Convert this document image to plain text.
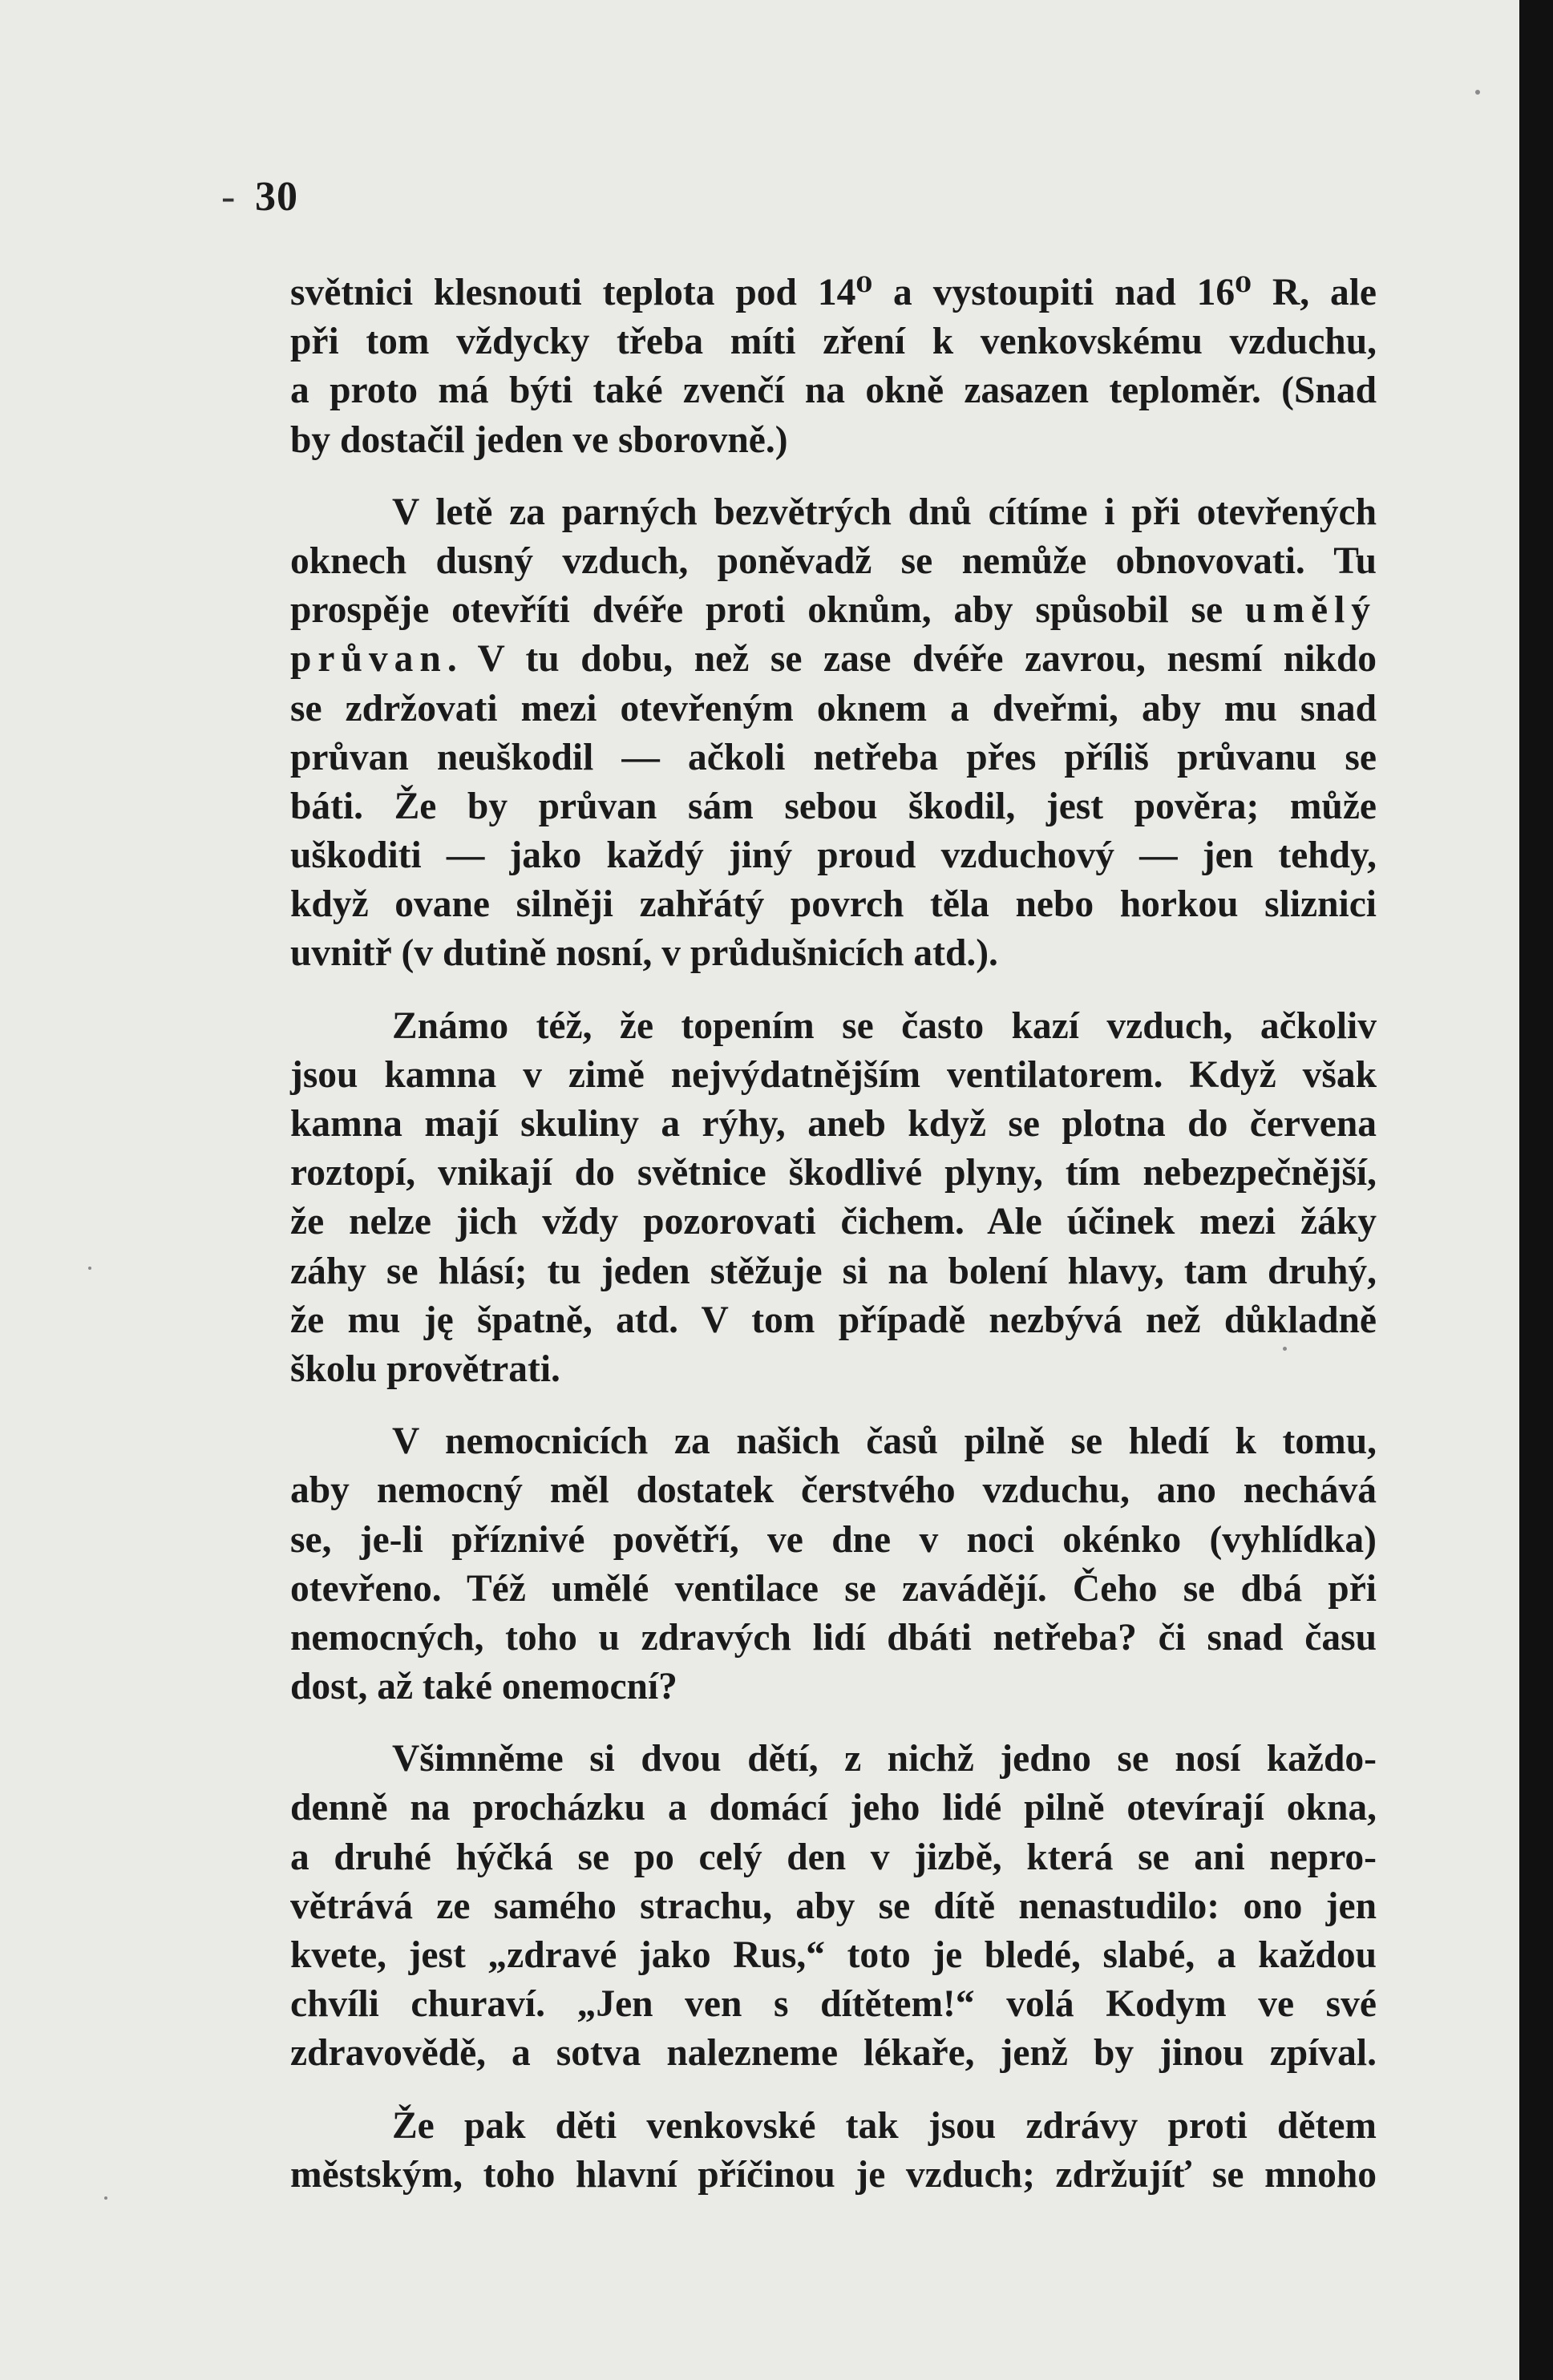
- 30
světnici klesnouti teplota pod 14⁰ a vystoupiti nad 16⁰ R, ale
při tom vždycky třeba míti zření k venkovskému vzduchu,
a proto má býti také zvenčí na okně zasazen teploměr. (Snad
by dostačil jeden ve sborovně.)
V letě za parných bezvětrých dnů cítíme i při otevřených
oknech dusný vzduch, poněvadž se nemůže obnovovati. Tu
prospěje otevříti dvéře proti oknům, aby spůsobil se umělý
průvan. V tu dobu, než se zase dvéře zavrou, nesmí nikdo
se zdržovati mezi otevřeným oknem a dveřmi, aby mu snad
průvan neuškodil — ačkoli netřeba přes příliš průvanu se
báti. Že by průvan sám sebou škodil, jest pověra; může
uškoditi — jako každý jiný proud vzduchový — jen tehdy,
když ovane silněji zahřátý povrch těla nebo horkou sliznici
uvnitř (v dutině nosní, v průdušnicích atd.).
Známo též, že topením se často kazí vzduch, ačkoliv
jsou kamna v zimě nejvýdatnějším ventilatorem. Když však
kamna mají skuliny a rýhy, aneb když se plotna do červena
roztopí, vnikají do světnice škodlivé plyny, tím nebezpečnější,
že nelze jich vždy pozorovati čichem. Ale účinek mezi žáky
záhy se hlásí; tu jeden stěžuje si na bolení hlavy, tam druhý,
že mu ję špatně, atd. V tom případě nezbývá než důkladně
školu provětrati.
V nemocnicích za našich časů pilně se hledí k tomu,
aby nemocný měl dostatek čerstvého vzduchu, ano nechává
se, je-li příznivé povětří, ve dne v noci okénko (vyhlídka)
otevřeno. Též umělé ventilace se zavádějí. Čeho se dbá při
nemocných, toho u zdravých lidí dbáti netřeba? či snad času
dost, až také onemocní?
Všimněme si dvou dětí, z nichž jedno se nosí každo-
denně na procházku a domácí jeho lidé pilně otevírají okna,
a druhé hýčká se po celý den v jizbě, která se ani nepro-
větrává ze samého strachu, aby se dítě nenastudilo: ono jen
kvete, jest „zdravé jako Rus,“ toto je bledé, slabé, a každou
chvíli churaví. „Jen ven s dítětem!“ volá Kodym ve své
zdravovědě, a sotva nalezneme lékaře, jenž by jinou zpíval.
Že pak děti venkovské tak jsou zdrávy proti dětem
městským, toho hlavní příčinou je vzduch; zdržujíť se mnoho
